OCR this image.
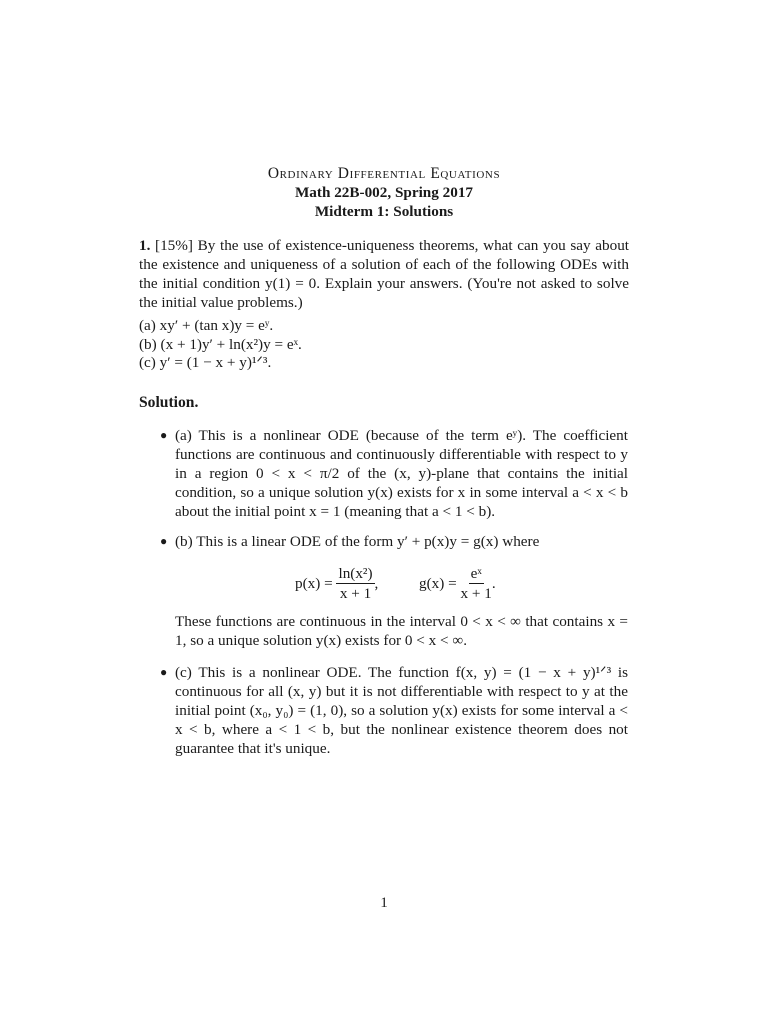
Ordinary Differential Equations
Math 22B-002, Spring 2017
Midterm 1: Solutions
1. [15%] By the use of existence-uniqueness theorems, what can you say about the existence and uniqueness of a solution of each of the following ODEs with the initial condition y(1) = 0. Explain your answers. (You're not asked to solve the initial value problems.)
(a) xy′ + (tan x)y = eʸ.
(b) (x + 1)y′ + ln(x²)y = eˣ.
(c) y′ = (1 − x + y)¹ᐟ³.
Solution.
● (a) This is a nonlinear ODE (because of the term eʸ). The coefficient functions are continuous and continuously differentiable with respect to y in a region 0 < x < π/2 of the (x, y)-plane that contains the initial condition, so a unique solution y(x) exists for x in some interval a < x < b about the initial point x = 1 (meaning that a < 1 < b).
● (b) This is a linear ODE of the form y′ + p(x)y = g(x) where
p(x) =
$\frac{\text{ln(x²)}}{x + 1}$ ,	g(x) =
$\frac{\text{eˣ}}{x + 1}$ .
These functions are continuous in the interval 0 < x < ∞ that contains x = 1, so a unique solution y(x) exists for 0 < x < ∞.
● (c) This is a nonlinear ODE. The function f(x, y) = (1 − x + y)¹ᐟ³ is continuous for all (x, y) but it is not differentiable with respect to y at the initial point (x₀, y₀) = (1, 0), so a solution y(x) exists for some interval a < x < b, where a < 1 < b, but the nonlinear existence theorem does not guarantee that it's unique.
1
